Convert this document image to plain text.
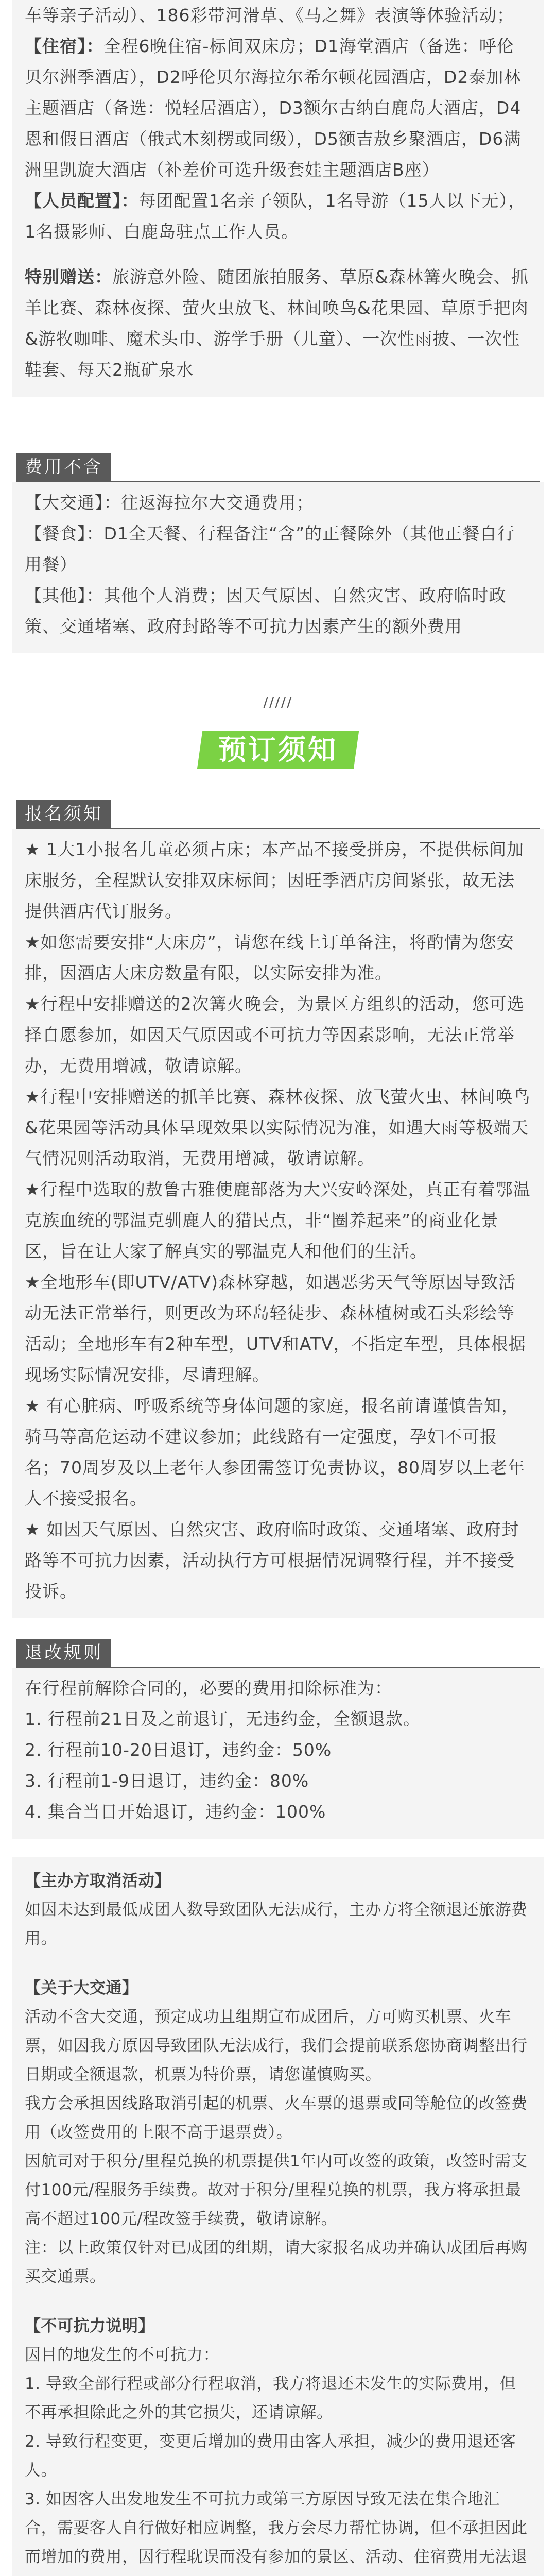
车等亲子活动）、186彩带河滑草、《马之舞》表演等体验活动；

【住宿】：全程6晚住宿-标间双床房；D1海堂酒店（备选：呼伦贝尔洲季酒店），D2呼伦贝尔海拉尔希尔顿花园酒店，D2泰加林主题酒店（备选：悦轻居酒店），D3额尔古纳白鹿岛大酒店，D4恩和假日酒店（俄式木刻楞或同级），D5额吉敖乡聚酒店，D6满洲里凯旋大酒店（补差价可选升级套娃主题酒店B座）

【人员配置】：每团配置1名亲子领队，1名导游（15人以下无），1名摄影师、白鹿岛驻点工作人员。

特别赠送：旅游意外险、随团旅拍服务、草原&森林篝火晚会、抓羊比赛、森林夜探、萤火虫放飞、林间唤鸟&花果园、草原手把肉&游牧咖啡、魔术头巾、游学手册（儿童）、一次性雨披、一次性鞋套、每天2瓶矿泉水

费用不含

【大交通】：往返海拉尔大交通费用；

【餐食】：D1全天餐、行程备注“含”的正餐除外（其他正餐自行用餐）

【其他】：其他个人消费；因天气原因、自然灾害、政府临时政策、交通堵塞、政府封路等不可抗力因素产生的额外费用

/////
预订须知
报名须知

★ 1大1小报名儿童必须占床；本产品不接受拼房，不提供标间加床服务，全程默认安排双床标间；因旺季酒店房间紧张，故无法提供酒店代订服务。

★如您需要安排“大床房”，请您在线上订单备注，将酌情为您安排，因酒店大床房数量有限，以实际安排为准。

★行程中安排赠送的2次篝火晚会，为景区方组织的活动，您可选择自愿参加，如因天气原因或不可抗力等因素影响，无法正常举办，无费用增减，敬请谅解。

★行程中安排赠送的抓羊比赛、森林夜探、放飞萤火虫、林间唤鸟&花果园等活动具体呈现效果以实际情况为准，如遇大雨等极端天气情况则活动取消，无费用增减，敬请谅解。

★行程中选取的敖鲁古雅使鹿部落为大兴安岭深处，真正有着鄂温克族血统的鄂温克驯鹿人的猎民点，非“圈养起来”的商业化景区，旨在让大家了解真实的鄂温克人和他们的生活。

★全地形车(即UTV/ATV)森林穿越，如遇恶劣天气等原因导致活动无法正常举行，则更改为环岛轻徒步、森林植树或石头彩绘等活动；全地形车有2种车型，UTV和ATV，不指定车型，具体根据现场实际情况安排，尽请理解。

★ 有心脏病、呼吸系统等身体问题的家庭，报名前请谨慎告知，骑马等高危运动不建议参加；此线路有一定强度，孕妇不可报名；70周岁及以上老年人参团需签订免责协议，80周岁以上老年人不接受报名。

★ 如因天气原因、自然灾害、政府临时政策、交通堵塞、政府封路等不可抗力因素，活动执行方可根据情况调整行程，并不接受投诉。

退改规则

在行程前解除合同的，必要的费用扣除标准为：

1. 行程前21日及之前退订，无违约金，全额退款。

2. 行程前10-20日退订，违约金：50%

3. 行程前1-9日退订，违约金：80%

4. 集合当日开始退订，违约金：100%

【主办方取消活动】

如因未达到最低成团人数导致团队无法成行，主办方将全额退还旅游费用。

【关于大交通】

活动不含大交通，预定成功且组期宣布成团后，方可购买机票、火车票，如因我方原因导致团队无法成行，我们会提前联系您协商调整出行日期或全额退款，机票为特价票，请您谨慎购买。

我方会承担因线路取消引起的机票、火车票的退票或同等舱位的改签费用（改签费用的上限不高于退票费）。

因航司对于积分/里程兑换的机票提供1年内可改签的政策，改签时需支付100元/程服务手续费。故对于积分/里程兑换的机票，我方将承担最高不超过100元/程改签手续费，敬请谅解。

注：以上政策仅针对已成团的组期，请大家报名成功并确认成团后再购买交通票。

【不可抗力说明】

因目的地发生的不可抗力：

1. 导致全部行程或部分行程取消，我方将退还未发生的实际费用，但不再承担除此之外的其它损失，还请谅解。

2. 导致行程变更，变更后增加的费用由客人承担，减少的费用退还客人。

3. 如因客人出发地发生不可抗力或第三方原因导致无法在集合地汇合，需要客人自行做好相应调整，我方会尽力帮忙协调，但不承担因此而增加的费用，因行程耽误而没有参加的景区、活动、住宿费用无法退
